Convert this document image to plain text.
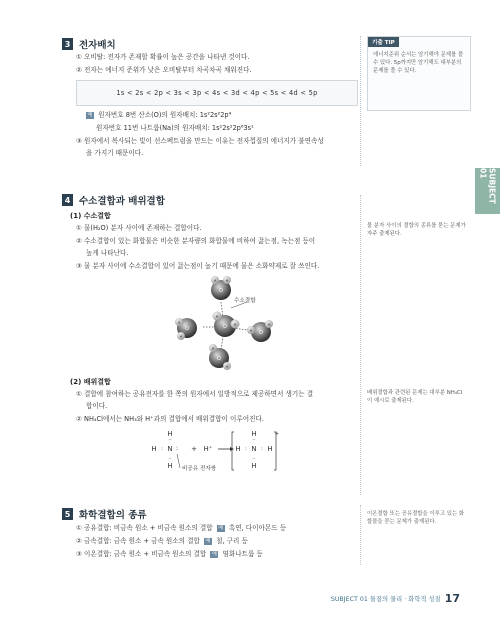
3 전자배치
① 오비탈: 전자가 존재할 확률이 높은 공간을 나타낸 것이다.
② 전자는 에너지 준위가 낮은 오비탈부터 차곡차곡 채워진다.
1s < 2s < 2p < 3s < 3p < 4s < 3d < 4p < 5s < 4d < 5p
예 원자번호 8번 산소(O)의 원자배치: 1s²2s²2p⁴
원자번호 11번 나트륨(Na)의 원자배치: 1s²2s²2p⁶3s¹
③ 원자에서 복사되는 빛이 선스펙트럼을 만드는 이유는 전자껍질의 에너지가 불연속성
을 가지기 때문이다.
기출 TIP
에너지준위 순서는 암기해야 문제를 풀 수 있다. 5p까지만 암기해도 대부분의 문제를 풀 수 있다.
SUBJECT 01
4 수소결합과 배위결합
(1) 수소결합
① 물(H₂O) 분자 사이에 존재하는 결합이다.
② 수소결합이 있는 화합물은 비슷한 분자량의 화합물에 비하여 끓는점, 녹는점 등이
높게 나타난다.
③ 물 분자 사이에 수소결합이 있어 끓는점이 높기 때문에 물은 소화약제로 잘 쓰인다.
물 분자 사이의 결합의 종류를 묻는 문제가 자주 출제된다.
O
O
O
O
O
H
H
H H
H
H
H
H
H
H
수소결합
(2) 배위결합
① 결합에 참여하는 공유전자를 한 쪽의 원자에서 일방적으로 제공하면서 생기는 결
합이다.
② NH₄Cl에서는 NH₃와 H⁺과의 결합에서 배위결합이 이루어진다.
배위결합과 관련된 문제는 대부분 NH₄Cl이 예시로 출제된다.
H
··
H : N :
··
H
+ H⁺
H
··
H : N : H
··
H
+
비공유 전자쌍
5 화학결합의 종류
① 공유결합: 비금속 원소 + 비금속 원소의 결합 예 흑연, 다이아몬드 등
② 금속결합: 금속 원소 + 금속 원소의 결합 예 철, 구리 등
③ 이온결합: 금속 원소 + 비금속 원소의 결합 예 염화나트륨 등
이온결합 또는 공유결합을 이루고 있는 화합물을 묻는 문제가 출제된다.
SUBJECT 01 물질의 물리 · 화학적 성질 17
